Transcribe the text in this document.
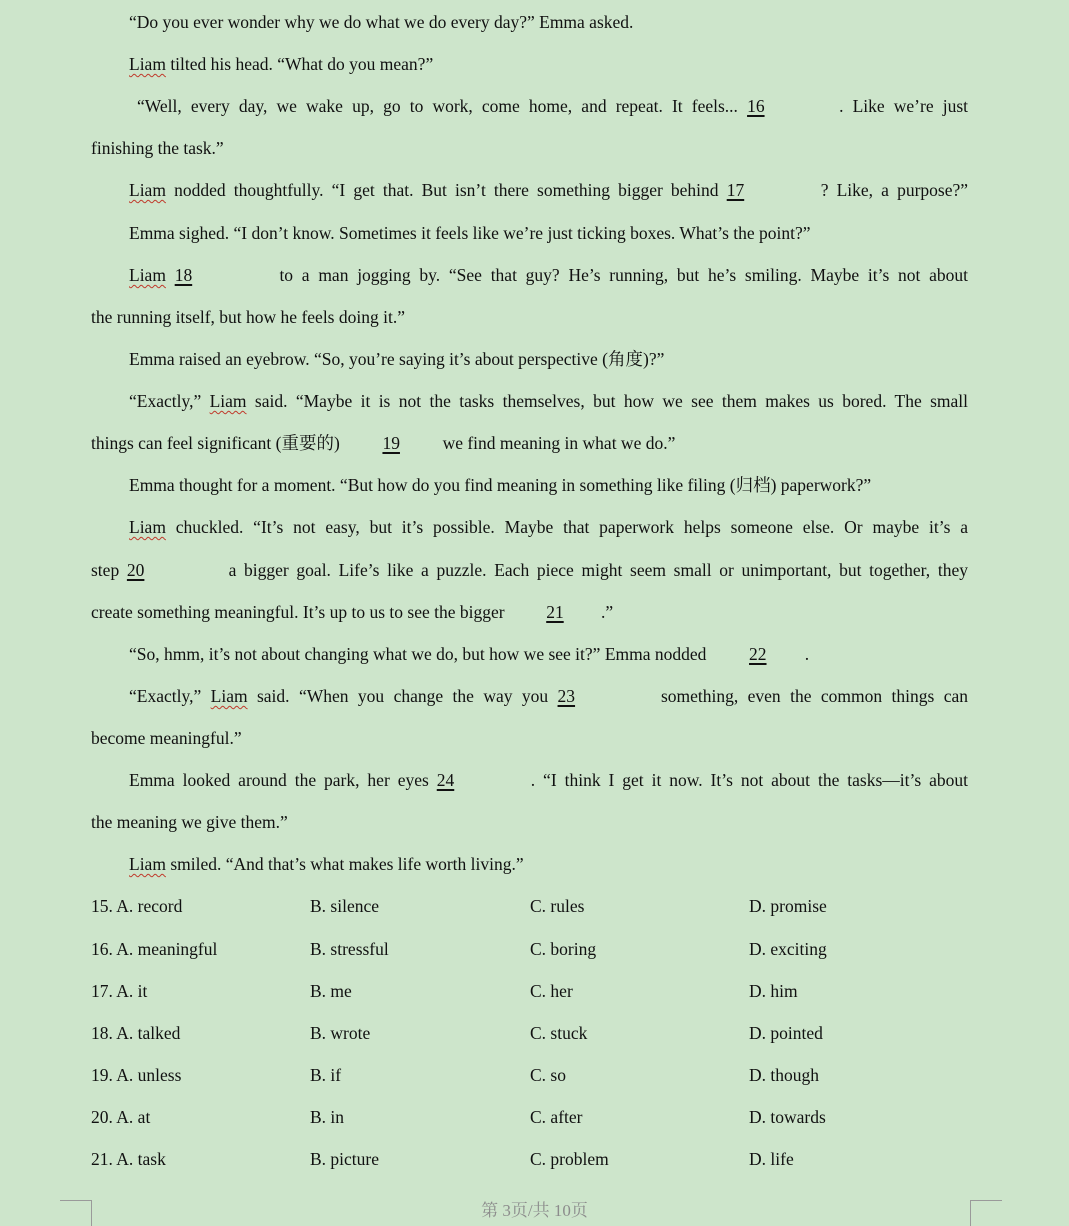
“Do you ever wonder why we do what we do every day?” Emma asked.
Liam tilted his head. “What do you mean?”
“Well, every day, we wake up, go to work, come home, and repeat. It feels... 16	. Like we’re just
finishing the task.”
Liam nodded thoughtfully. “I get that. But isn’t there something bigger behind 17	? Like, a purpose?”
Emma sighed. “I don’t know. Sometimes it feels like we’re just ticking boxes. What’s the point?”
Liam 18	to a man jogging by. “See that guy? He’s running, but he’s smiling. Maybe it’s not about
the running itself, but how he feels doing it.”
Emma raised an eyebrow. “So, you’re saying it’s about perspective (角度)?”
“Exactly,” Liam said. “Maybe it is not the tasks themselves, but how we see them makes us bored. The small
things can feel significant (重要的) 19 we find meaning in what we do.”
Emma thought for a moment. “But how do you find meaning in something like filing (归档) paperwork?”
Liam chuckled. “It’s not easy, but it’s possible. Maybe that paperwork helps someone else. Or maybe it’s a
step 20	a bigger goal. Life’s like a puzzle. Each piece might seem small or unimportant, but together, they
create something meaningful. It’s up to us to see the bigger 21 .”
“So, hmm, it’s not about changing what we do, but how we see it?” Emma nodded 22 .
“Exactly,” Liam said. “When you change the way you 23	something, even the common things can
become meaningful.”
Emma looked around the park, her eyes 24	. “I think I get it now. It’s not about the tasks—it’s about
the meaning we give them.”
Liam smiled. “And that’s what makes life worth living.”
15. A. record	B. silence	C. rules	D. promise
16. A. meaningful	B. stressful	C. boring	D. exciting
17. A. it	B. me	C. her	D. him
18. A. talked	B. wrote	C. stuck	D. pointed
19. A. unless	B. if	C. so	D. though
20. A. at	B. in	C. after	D. towards
21. A. task	B. picture	C. problem	D. life
第 3页/共 10页
